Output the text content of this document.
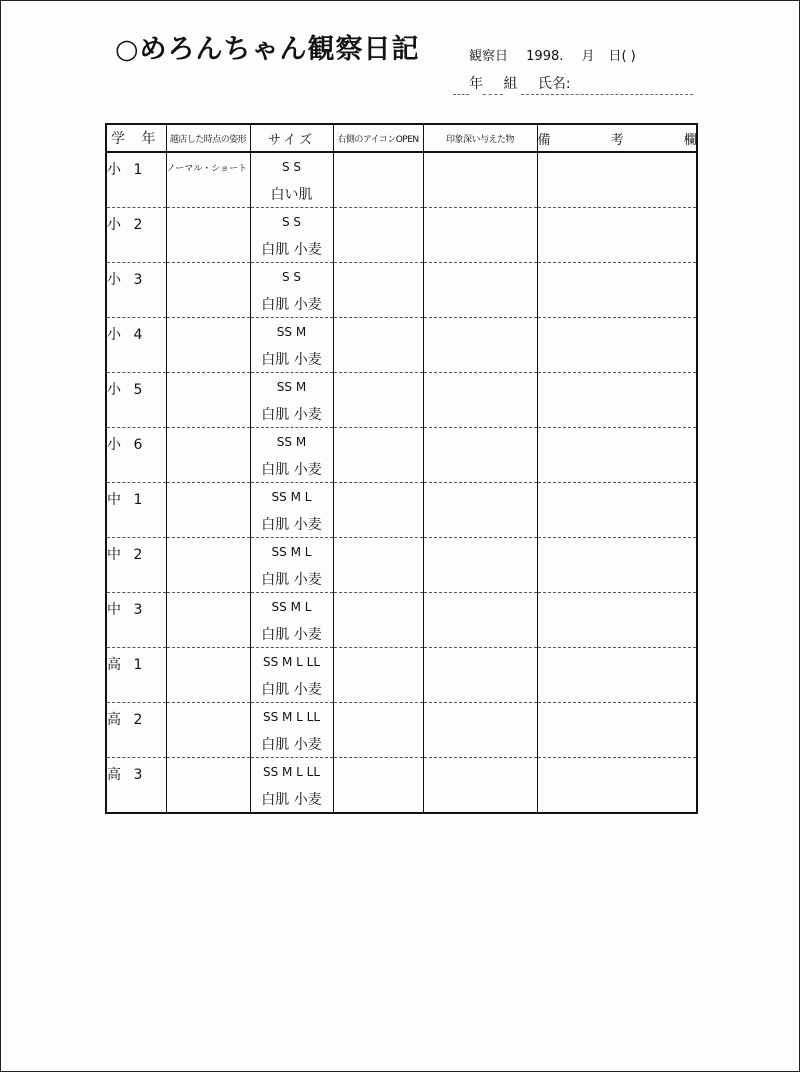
○めろんちゃん観察日記	観察日 1998. 月 日( )
年 組 氏名:
学 年	越店した時点の姿形	サイズ	右側のアイコンOPEN	印象深い与えた物	備 考 欄
小 1	ノーマル・ショート	S S			
		白い肌			
小 2		S S			
		白肌 小麦			
小 3		S S			
		白肌 小麦			
小 4		SS M			
		白肌 小麦			
小 5		SS M			
		白肌 小麦			
小 6		SS M			
		白肌 小麦			
中 1		SS M L			
		白肌 小麦			
中 2		SS M L			
		白肌 小麦			
中 3		SS M L			
		白肌 小麦			
高 1		SS M L LL			
		白肌 小麦			
高 2		SS M L LL			
		白肌 小麦			
高 3		SS M L LL			
		白肌 小麦			
